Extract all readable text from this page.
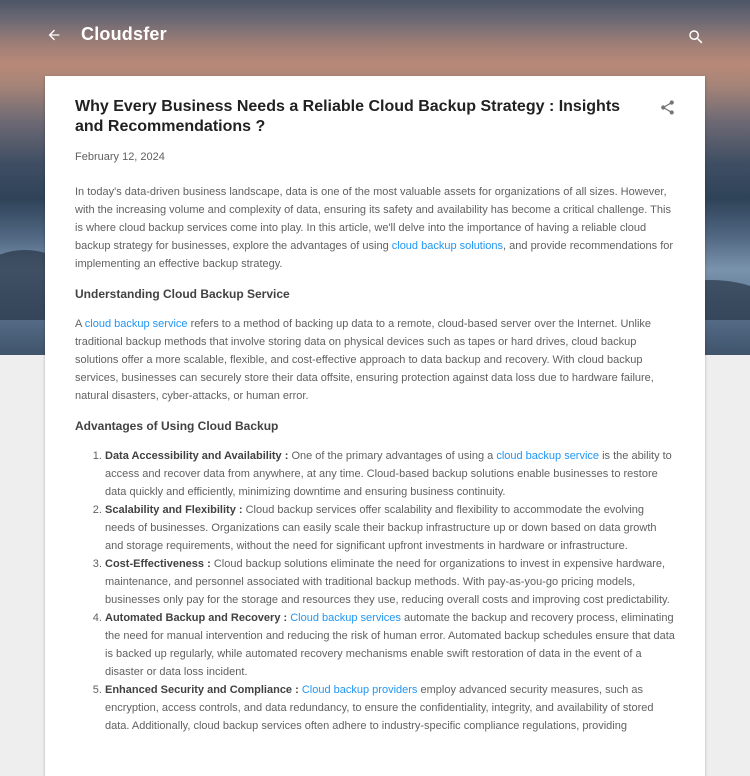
Cloudsfer
Why Every Business Needs a Reliable Cloud Backup Strategy : Insights and Recommendations ?
February 12, 2024

In today's data-driven business landscape, data is one of the most valuable assets for organizations of all sizes. However, with the increasing volume and complexity of data, ensuring its safety and availability has become a critical challenge. This is where cloud backup services come into play. In this article, we'll delve into the importance of having a reliable cloud backup strategy for businesses, explore the advantages of using cloud backup solutions, and provide recommendations for implementing an effective backup strategy.

Understanding Cloud Backup Service

A cloud backup service refers to a method of backing up data to a remote, cloud-based server over the Internet. Unlike traditional backup methods that involve storing data on physical devices such as tapes or hard drives, cloud backup solutions offer a more scalable, flexible, and cost-effective approach to data backup and recovery. With cloud backup services, businesses can securely store their data offsite, ensuring protection against data loss due to hardware failure, natural disasters, cyber-attacks, or human error.

Advantages of Using Cloud Backup
1. Data Accessibility and Availability : One of the primary advantages of using a cloud backup service is the ability to access and recover data from anywhere, at any time. Cloud-based backup solutions enable businesses to restore data quickly and efficiently, minimizing downtime and ensuring business continuity.
2. Scalability and Flexibility : Cloud backup services offer scalability and flexibility to accommodate the evolving needs of businesses. Organizations can easily scale their backup infrastructure up or down based on data growth and storage requirements, without the need for significant upfront investments in hardware or infrastructure.
3. Cost-Effectiveness : Cloud backup solutions eliminate the need for organizations to invest in expensive hardware, maintenance, and personnel associated with traditional backup methods. With pay-as-you-go pricing models, businesses only pay for the storage and resources they use, reducing overall costs and improving cost predictability.
4. Automated Backup and Recovery : Cloud backup services automate the backup and recovery process, eliminating the need for manual intervention and reducing the risk of human error. Automated backup schedules ensure that data is backed up regularly, while automated recovery mechanisms enable swift restoration of data in the event of a disaster or data loss incident.
5. Enhanced Security and Compliance : Cloud backup providers employ advanced security measures, such as encryption, access controls, and data redundancy, to ensure the confidentiality, integrity, and availability of stored data. Additionally, cloud backup services often adhere to industry-specific compliance regulations, providing
